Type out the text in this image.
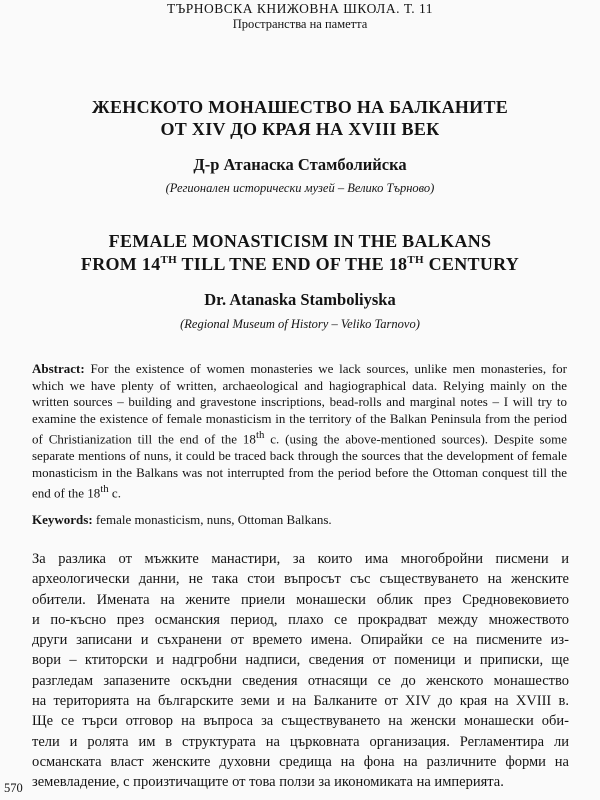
ТЪРНОВСКА КНИЖОВНА ШКОЛА. Т. 11
Пространства на паметта
ЖЕНСКОТО МОНАШЕСТВО НА БАЛКАНИТЕ
ОТ XIV ДО КРАЯ НА XVIII ВЕК
Д-р Атанаска Стамболийска
(Регионален исторически музей – Велико Търново)
FEMALE MONASTICISM IN THE BALKANS
FROM 14TH TILL TNE END OF THE 18TH CENTURY
Dr. Atanaska Stamboliyska
(Regional Museum of History – Veliko Tarnovo)
Abstract: For the existence of women monasteries we lack sources, unlike men monasteries, for which we have plenty of written, archaeological and hagiographical data. Relying mainly on the written sources – building and gravestone inscriptions, bead-rolls and marginal notes – I will try to examine the existence of female monasticism in the territory of the Balkan Peninsula from the period of Christianization till the end of the 18th c. (using the above-mentioned sources). Despite some separate mentions of nuns, it could be traced back through the sources that the development of female monasticism in the Balkans was not interrupted from the period before the Ottoman conquest till the end of the 18th c.
Keywords: female monasticism, nuns, Ottoman Balkans.
За разлика от мъжките манастири, за които има многобройни писмени и
археологически данни, не така стои въпросът със съществуването на женските
обители. Имената на жените приели монашески облик през Средновековието
и по-късно през османския период, плахо се прокрадват между множеството
други записани и съхранени от времето имена. Опирайки се на писмените из-
вори – ктиторски и надгробни надписи, сведения от поменици и приписки, ще
разгледам запазените оскъдни сведения отнасящи се до женското монашество
на територията на българските земи и на Балканите от XIV до края на XVIII в.
Ще се търси отговор на въпроса за съществуването на женски монашески оби-
тели и ролята им в структурата на църковната организация. Регламентира ли
османската власт женските духовни средища на фона на различните форми на
земевладение, с произтичащите от това ползи за икономиката на империята.
570
